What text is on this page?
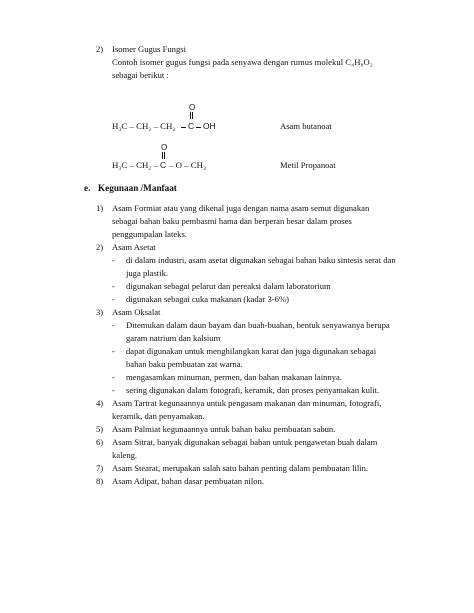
2) Isomer Gugus Fungsi
Contoh isomer gugus fungsi pada senyawa dengan rumus molekul C₄H₈O₂
sebagai berikut :
O
H₃C – CH₂ – CH₂ C OH	Asam butanoat
O
H₃C – CH₂ – C – O – CH₃	Metil Propanoat
e. Kegunaan /Manfaat
1) Asam Formiat atau yang dikenal juga dengan nama asam semut digunakan
sebagai bahan baku pembasmi hama dan berperan besar dalam proses
penggumpalan lateks.
2) Asam Asetat
- di dalam industri, asam asetat digunakan sebagai bahan baku sintesis serat dan
juga plastik.
- digunakan sebagai pelarut dan pereaksi dalam laboratorium
- digunakan sebagai cuka makanan (kadar 3-6%)
3) Asam Oksalat
- Ditemukan dalam daun bayam dan buah-buahan, bentuk senyawanya berupa
garam natrium dan kalsium
- dapat digunakan untuk menghilangkan karat dan juga digunakan sebagai
bahan baku pembuatan zat warna.
- mengasamkan minuman, permen, dan bahan makanan lainnya.
- sering digunakan dalam fotografi, keramik, dan proses penyamakan kulit.
4) Asam Tartrat kegunaannya untuk pengasam makanan dan minuman, fotografi,
keramik, dan penyamakan.
5) Asam Palmiat kegunaannya untuk bahan baku pembuatan sabun.
6) Asam Sitrat, banyak digunakan sebagai bahan untuk pengawetan buah dalam
kaleng.
7) Asam Stearat, merupakan salah satu bahan penting dalam pembuatan lilin.
8) Asam Adipat, bahan dasar pembuatan nilon.
